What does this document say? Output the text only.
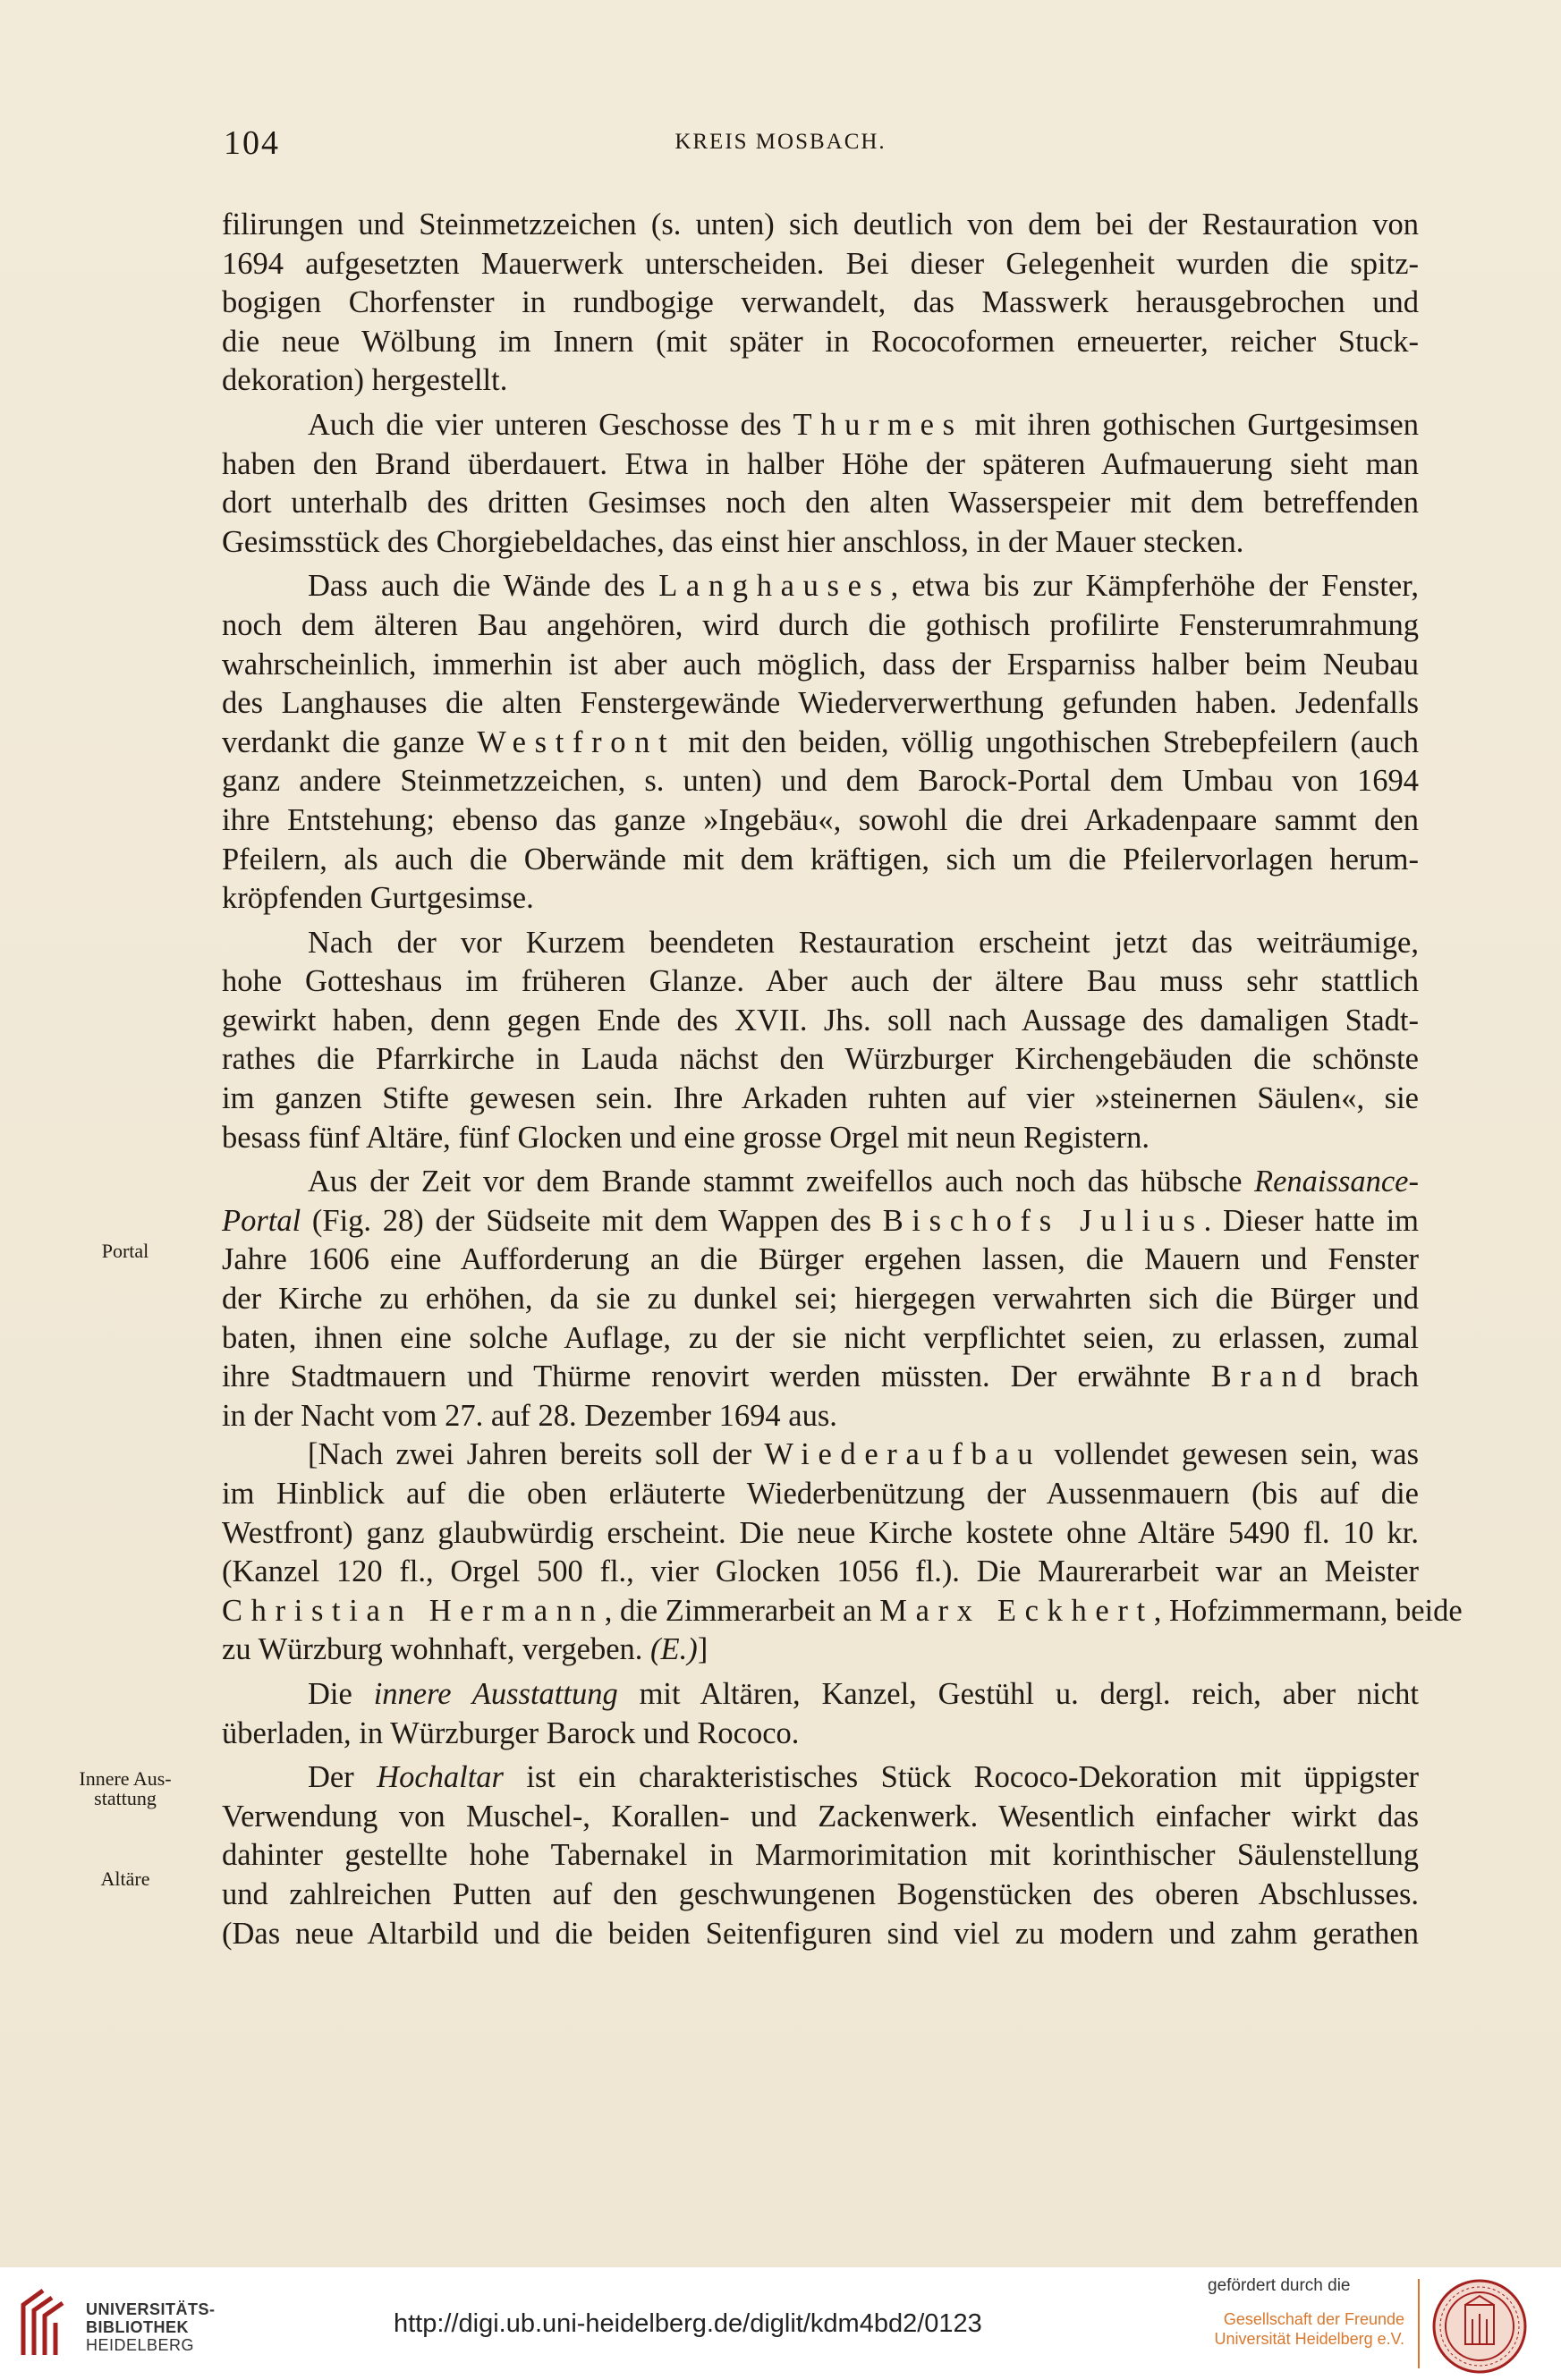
104	KREIS MOSBACH.
Portal
Innere Aus-
stattung
Altäre
filirungen und Steinmetzzeichen (s. unten) sich deutlich von dem bei der Restauration von
1694 aufgesetzten Mauerwerk unterscheiden. Bei dieser Gelegenheit wurden die spitz-
bogigen Chorfenster in rundbogige verwandelt, das Masswerk herausgebrochen und
die neue Wölbung im Innern (mit später in Rococoformen erneuerter, reicher Stuck-
dekoration) hergestellt.
Auch die vier unteren Geschosse des Thurmes mit ihren gothischen Gurtgesimsen
haben den Brand überdauert. Etwa in halber Höhe der späteren Aufmauerung sieht man
dort unterhalb des dritten Gesimses noch den alten Wasserspeier mit dem betreffenden
Gesimsstück des Chorgiebeldaches, das einst hier anschloss, in der Mauer stecken.
Dass auch die Wände des Langhauses, etwa bis zur Kämpferhöhe der Fenster,
noch dem älteren Bau angehören, wird durch die gothisch profilirte Fensterumrahmung
wahrscheinlich, immerhin ist aber auch möglich, dass der Ersparniss halber beim Neubau
des Langhauses die alten Fenstergewände Wiederverwerthung gefunden haben. Jedenfalls
verdankt die ganze Westfront mit den beiden, völlig ungothischen Strebepfeilern (auch
ganz andere Steinmetzzeichen, s. unten) und dem Barock-Portal dem Umbau von 1694
ihre Entstehung; ebenso das ganze »Ingebäu«, sowohl die drei Arkadenpaare sammt den
Pfeilern, als auch die Oberwände mit dem kräftigen, sich um die Pfeilervorlagen herum-
kröpfenden Gurtgesimse.
Nach der vor Kurzem beendeten Restauration erscheint jetzt das weiträumige,
hohe Gotteshaus im früheren Glanze. Aber auch der ältere Bau muss sehr stattlich
gewirkt haben, denn gegen Ende des XVII. Jhs. soll nach Aussage des damaligen Stadt-
rathes die Pfarrkirche in Lauda nächst den Würzburger Kirchengebäuden die schönste
im ganzen Stifte gewesen sein. Ihre Arkaden ruhten auf vier »steinernen Säulen«, sie
besass fünf Altäre, fünf Glocken und eine grosse Orgel mit neun Registern.
Aus der Zeit vor dem Brande stammt zweifellos auch noch das hübsche Renaissance-
Portal (Fig. 28) der Südseite mit dem Wappen des Bischofs Julius. Dieser hatte im
Jahre 1606 eine Aufforderung an die Bürger ergehen lassen, die Mauern und Fenster
der Kirche zu erhöhen, da sie zu dunkel sei; hiergegen verwahrten sich die Bürger und
baten, ihnen eine solche Auflage, zu der sie nicht verpflichtet seien, zu erlassen, zumal
ihre Stadtmauern und Thürme renovirt werden müssten. Der erwähnte Brand brach
in der Nacht vom 27. auf 28. Dezember 1694 aus.
[Nach zwei Jahren bereits soll der Wiederaufbau vollendet gewesen sein, was
im Hinblick auf die oben erläuterte Wiederbenützung der Aussenmauern (bis auf die
Westfront) ganz glaubwürdig erscheint. Die neue Kirche kostete ohne Altäre 5490 fl. 10 kr.
(Kanzel 120 fl., Orgel 500 fl., vier Glocken 1056 fl.). Die Maurerarbeit war an Meister
Christian Hermann, die Zimmerarbeit an Marx Eckhert, Hofzimmermann, beide
zu Würzburg wohnhaft, vergeben. (E.)]
Die innere Ausstattung mit Altären, Kanzel, Gestühl u. dergl. reich, aber nicht
überladen, in Würzburger Barock und Rococo.
Der Hochaltar ist ein charakteristisches Stück Rococo-Dekoration mit üppigster
Verwendung von Muschel-, Korallen- und Zackenwerk. Wesentlich einfacher wirkt das
dahinter gestellte hohe Tabernakel in Marmorimitation mit korinthischer Säulenstellung
und zahlreichen Putten auf den geschwungenen Bogenstücken des oberen Abschlusses.
(Das neue Altarbild und die beiden Seitenfiguren sind viel zu modern und zahm gerathen
UNIVERSITÄTS-
BIBLIOTHEK
HEIDELBERG
http://digi.ub.uni-heidelberg.de/diglit/kdm4bd2/0123
gefördert durch die
Gesellschaft der Freunde
Universität Heidelberg e.V.
